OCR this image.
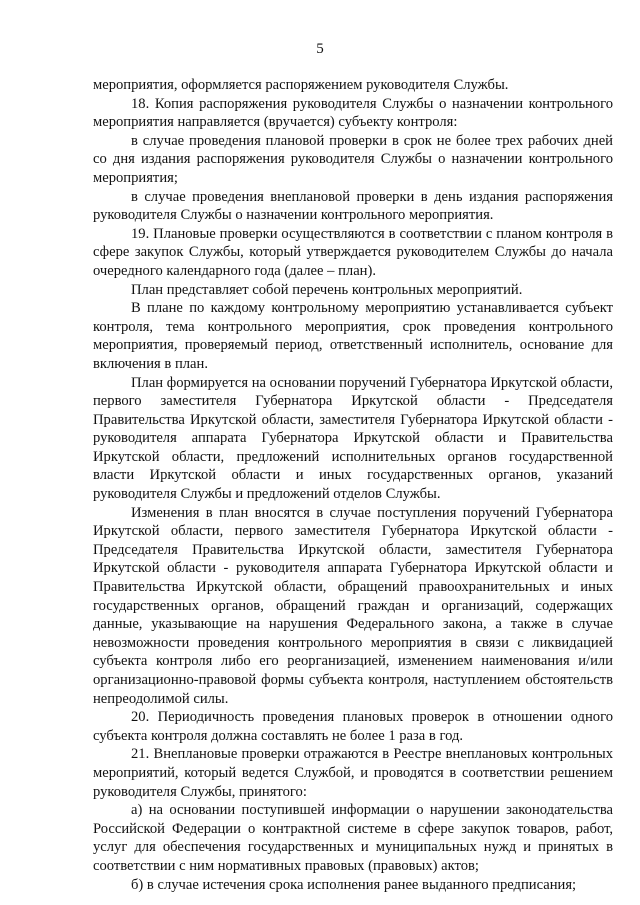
5

мероприятия, оформляется распоряжением руководителя Службы.

18. Копия распоряжения руководителя Службы о назначении контрольного мероприятия направляется (вручается) субъекту контроля:

в случае проведения плановой проверки в срок не более трех рабочих дней со дня издания распоряжения руководителя Службы о назначении контрольного мероприятия;

в случае проведения внеплановой проверки в день издания распоряжения руководителя Службы о назначении контрольного мероприятия.

19. Плановые проверки осуществляются в соответствии с планом контроля в сфере закупок Службы, который утверждается руководителем Службы до начала очередного календарного года (далее – план).

План представляет собой перечень контрольных мероприятий.

В плане по каждому контрольному мероприятию устанавливается субъект контроля, тема контрольного мероприятия, срок проведения контрольного мероприятия, проверяемый период, ответственный исполнитель, основание для включения в план.

План формируется на основании поручений Губернатора Иркутской области, первого заместителя Губернатора Иркутской области - Председателя Правительства Иркутской области, заместителя Губернатора Иркутской области - руководителя аппарата Губернатора Иркутской области и Правительства Иркутской области, предложений исполнительных органов государственной власти Иркутской области и иных государственных органов, указаний руководителя Службы и предложений отделов Службы.

Изменения в план вносятся в случае поступления поручений Губернатора Иркутской области, первого заместителя Губернатора Иркутской области - Председателя Правительства Иркутской области, заместителя Губернатора Иркутской области - руководителя аппарата Губернатора Иркутской области и Правительства Иркутской области, обращений правоохранительных и иных государственных органов, обращений граждан и организаций, содержащих данные, указывающие на нарушения Федерального закона, а также в случае невозможности проведения контрольного мероприятия в связи с ликвидацией субъекта контроля либо его реорганизацией, изменением наименования и/или организационно-правовой формы субъекта контроля, наступлением обстоятельств непреодолимой силы.

20. Периодичность проведения плановых проверок в отношении одного субъекта контроля должна составлять не более 1 раза в год.

21. Внеплановые проверки отражаются в Реестре внеплановых контрольных мероприятий, который ведется Службой, и проводятся в соответствии решением руководителя Службы, принятого:

а) на основании поступившей информации о нарушении законодательства Российской Федерации о контрактной системе в сфере закупок товаров, работ, услуг для обеспечения государственных и муниципальных нужд и принятых в соответствии с ним нормативных правовых (правовых) актов;

б) в случае истечения срока исполнения ранее выданного предписания;
